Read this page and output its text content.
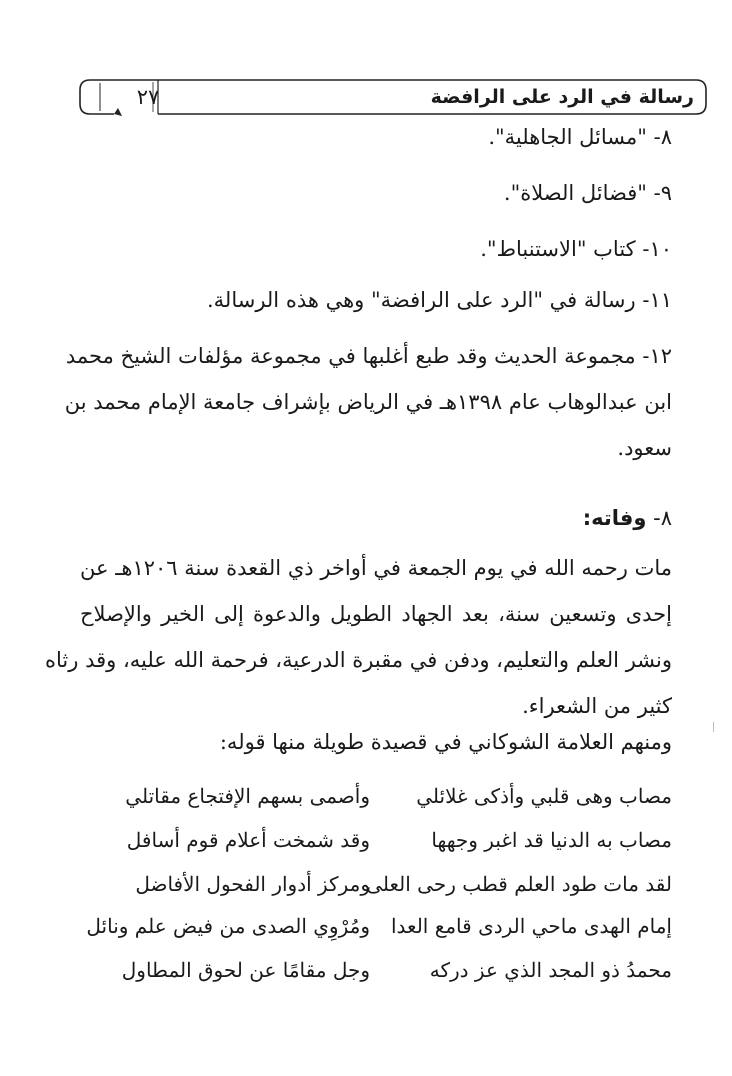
رسالة في الرد على الرافضة
٢٧
٨- "مسائل الجاهلية".
٩- "فضائل الصلاة".
١٠- كتاب "الاستنباط".
١١- رسالة في "الرد على الرافضة" وهي هذه الرسالة.
١٢- مجموعة الحديث وقد طبع أغلبها في مجموعة مؤلفات الشيخ محمد
ابن عبدالوهاب عام ١٣٩٨هـ في الرياض بإشراف جامعة الإمام محمد بن
سعود.
٨- وفاته:
مات رحمه الله في يوم الجمعة في أواخر ذي القعدة سنة ١٢٠٦هـ عن
إحدى وتسعين سنة، بعد الجهاد الطويل والدعوة إلى الخير والإصلاح
ونشر العلم والتعليم، ودفن في مقبرة الدرعية، فرحمة الله عليه، وقد رثاه
كثير من الشعراء.
ومنهم العلامة الشوكاني في قصيدة طويلة منها قوله:
مصاب وهى قلبي وأذكى غلائلي
وأصمى بسهم الإفتجاع مقاتلي
مصاب به الدنيا قد اغبر وجهها
وقد شمخت أعلام قوم أسافل
لقد مات طود العلم قطب رحى العلى
ومركز أدوار الفحول الأفاضل
إمام الهدى ماحي الردى قامع العدا
ومُرْوِي الصدى من فيض علم ونائل
محمدُ ذو المجد الذي عز دركه
وجل مقامًا عن لحوق المطاول
